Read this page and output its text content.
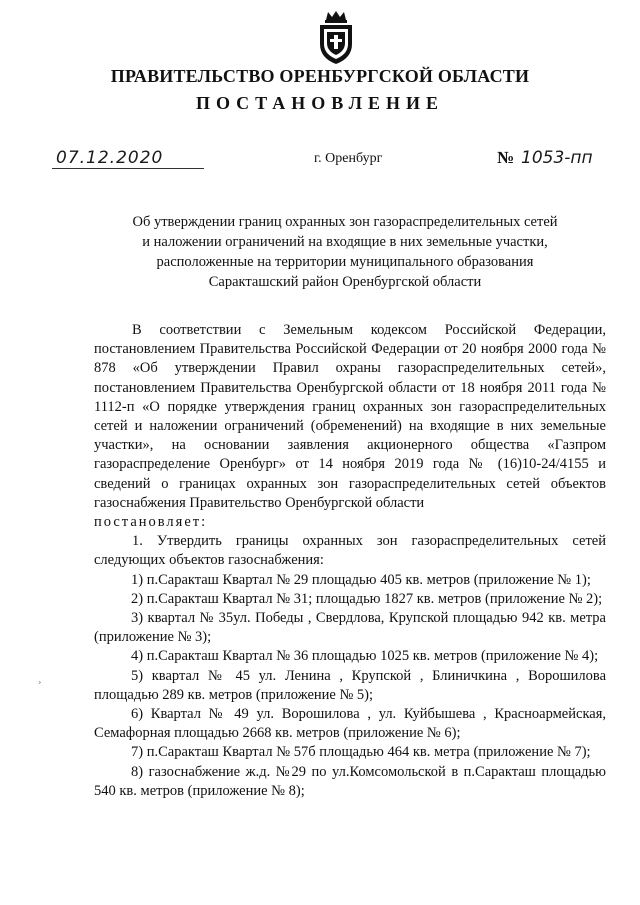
ПРАВИТЕЛЬСТВО ОРЕНБУРГСКОЙ ОБЛАСТИ
ПОСТАНОВЛЕНИЕ
07.12.2020	г. Оренбург	№ 1053-пп
Об утверждении границ охранных зон газораспределительных сетей
и наложении ограничений на входящие в них земельные участки,
расположенные на территории муниципального образования
Саракташский район Оренбургской области

В соответствии с Земельным кодексом Российской Федерации, постановлением Правительства Российской Федерации от 20 ноября 2000 года № 878 «Об утверждении Правил охраны газораспределительных сетей», постановлением Правительства Оренбургской области от 18 ноября 2011 года № 1112-п «О порядке утверждения границ охранных зон газораспределительных сетей и наложении ограничений (обременений) на входящие в них земельные участки», на основании заявления акционерного общества «Газпром газораспределение Оренбург» от 14 ноября 2019 года № (16)10-24/4155 и сведений о границах охранных зон газораспределительных сетей объектов газоснабжения Правительство Оренбургской области

постановляет:

1. Утвердить границы охранных зон газораспределительных сетей следующих объектов газоснабжения:

1) п.Саракташ Квартал № 29 площадью 405 кв. метров (приложение № 1);

2) п.Саракташ Квартал № 31; площадью 1827 кв. метров (приложение № 2);

3) квартал № 35ул. Победы , Свердлова, Крупской площадью 942 кв. метра (приложение № 3);

4) п.Саракташ Квартал № 36 площадью 1025 кв. метров (приложение № 4);

5) квартал № 45 ул. Ленина , Крупской , Блиничкина , Ворошилова площадью 289 кв. метров (приложение № 5);

6) Квартал № 49 ул. Ворошилова , ул. Куйбышева , Красноармейская, Семафорная площадью 2668 кв. метров (приложение № 6);

7) п.Саракташ Квартал № 57б площадью 464 кв. метра (приложение № 7);

8) газоснабжение ж.д. №29 по ул.Комсомольской в п.Саракташ площадью 540 кв. метров (приложение № 8);

¸
